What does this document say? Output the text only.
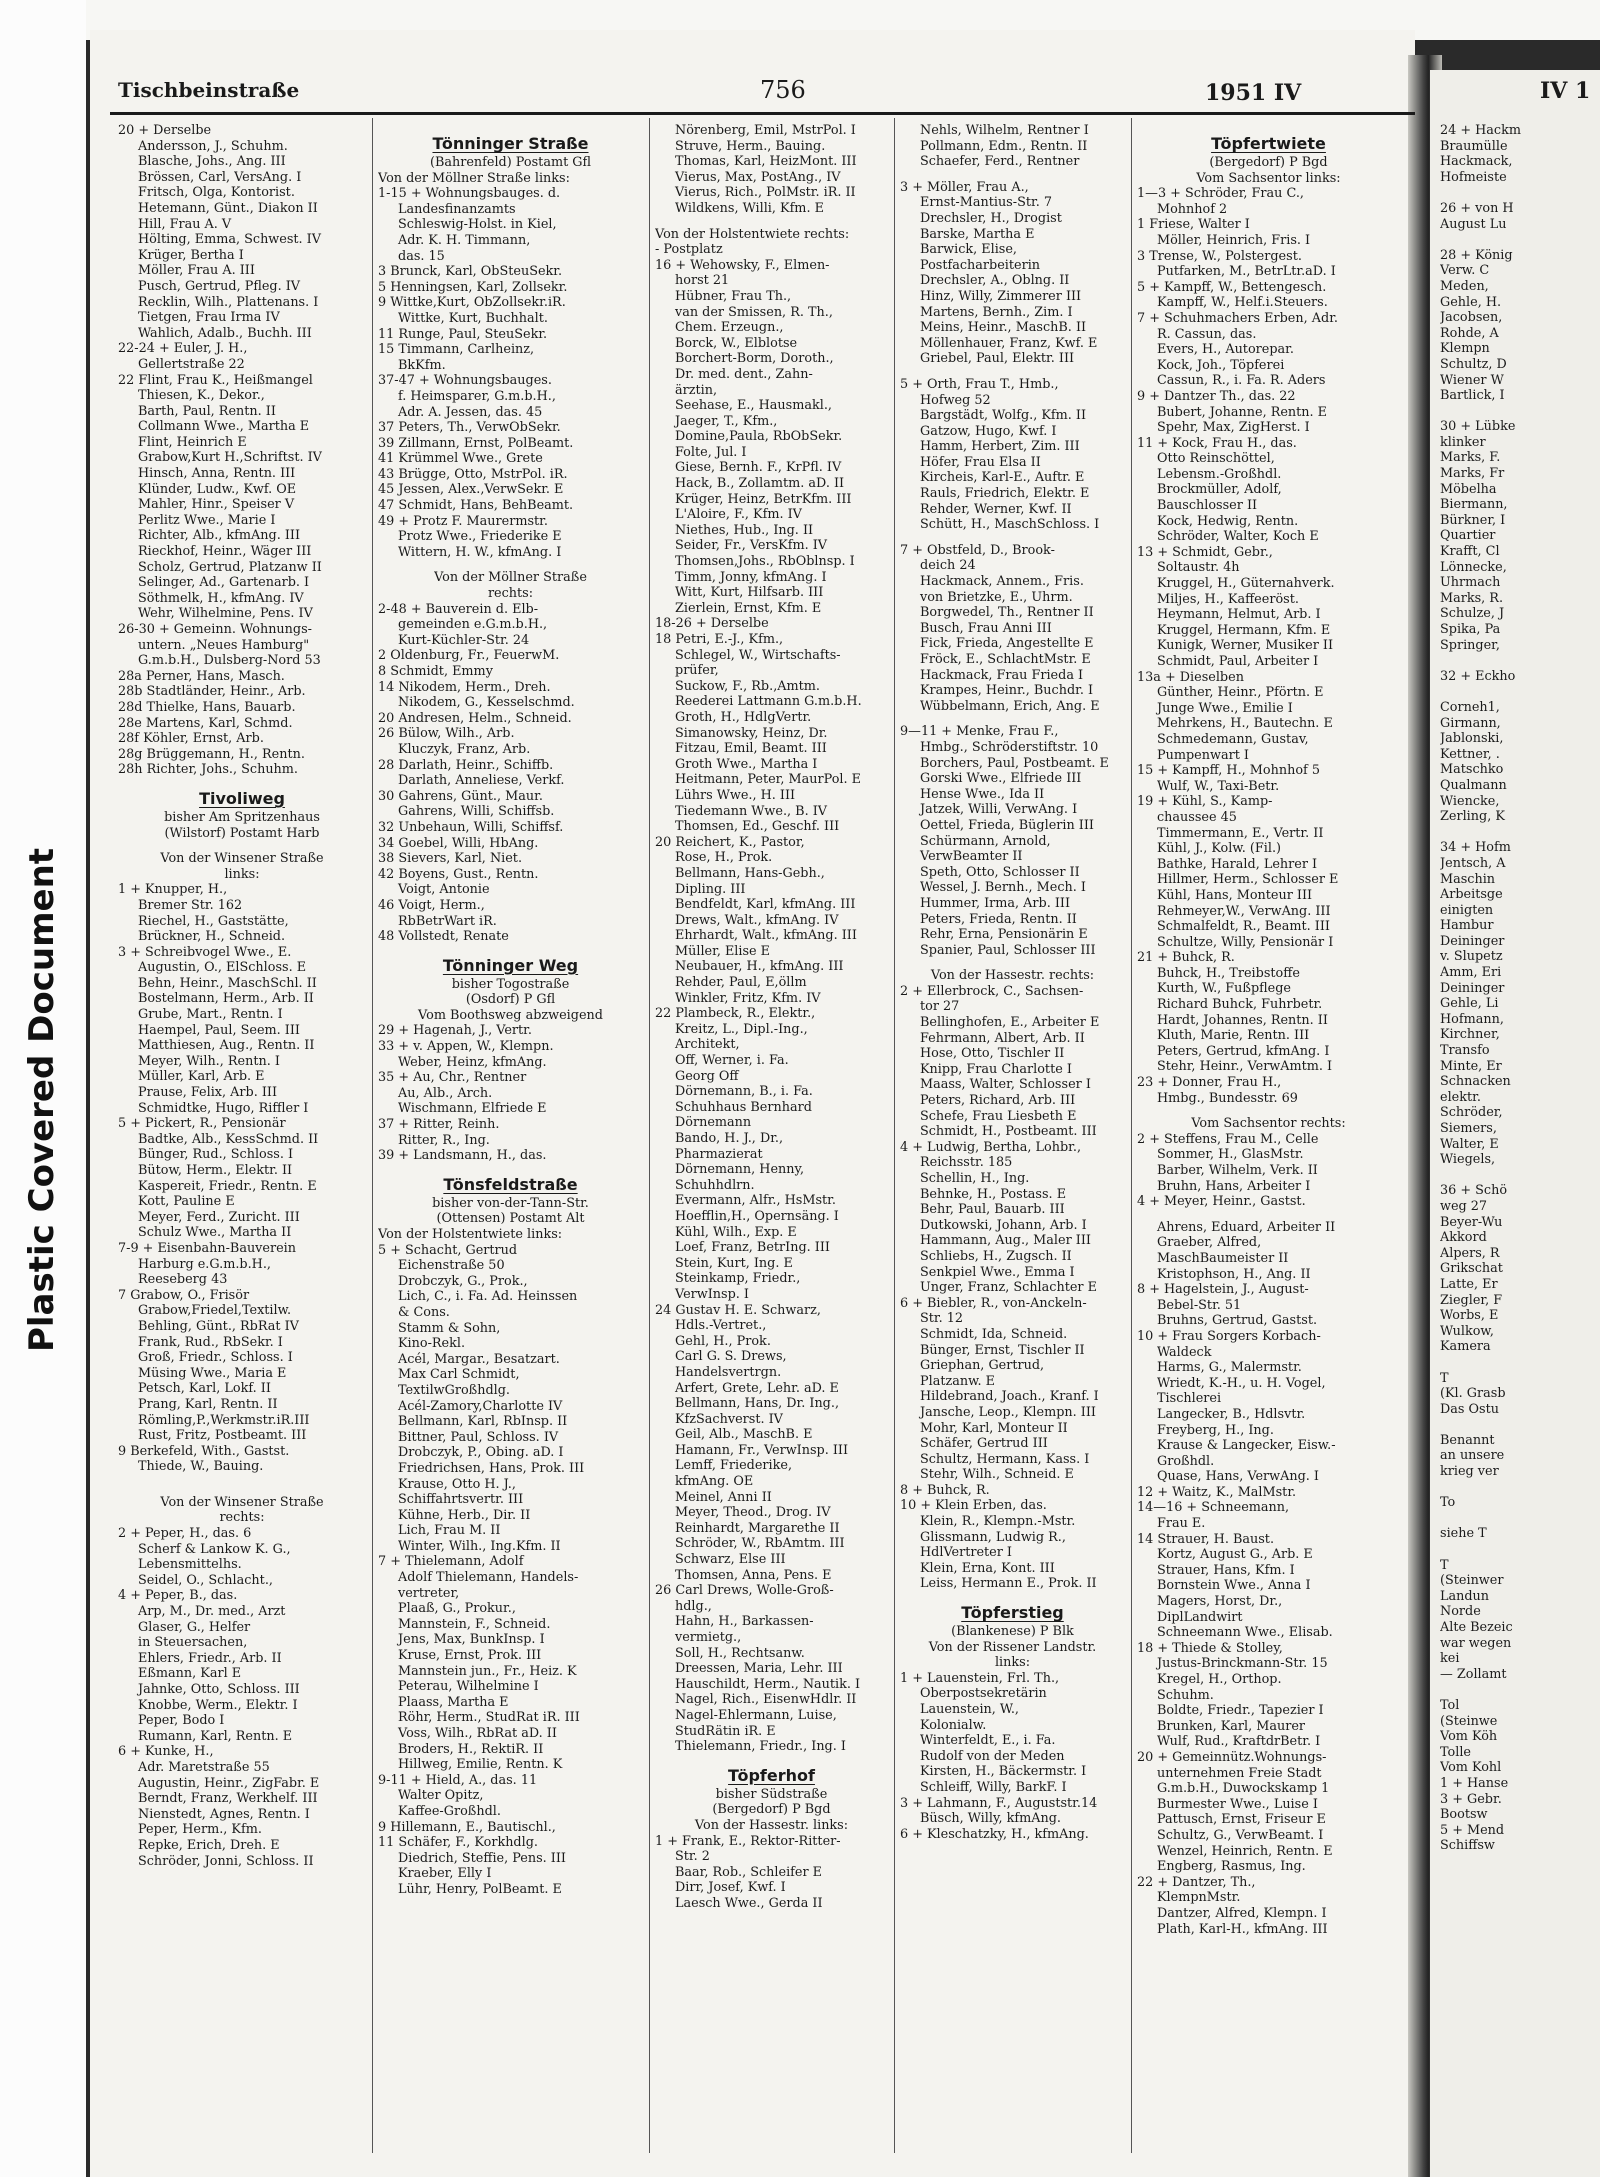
Plastic Covered Document
Tischbeinstraße	756	1951 IV	IV 1
20 + Derselbe
Andersson, J., Schuhm.
Blasche, Johs., Ang. III
Brössen, Carl, VersAng. I
Fritsch, Olga, Kontorist.
Hetemann, Günt., Diakon II
Hill, Frau A. V
Hölting, Emma, Schwest. IV
Krüger, Bertha I
Möller, Frau A. III
Pusch, Gertrud, Pfleg. IV
Recklin, Wilh., Plattenans. I
Tietgen, Frau Irma IV
Wahlich, Adalb., Buchh. III
22-24 + Euler, J. H.,
Gellertstraße 22
22 Flint, Frau K., Heißmangel
Thiesen, K., Dekor.,
Barth, Paul, Rentn. II
Collmann Wwe., Martha E
Flint, Heinrich E
Grabow,Kurt H.,Schriftst. IV
Hinsch, Anna, Rentn. III
Klünder, Ludw., Kwf. OE
Mahler, Hinr., Speiser V
Perlitz Wwe., Marie I
Richter, Alb., kfmAng. III
Rieckhof, Heinr., Wäger III
Scholz, Gertrud, Platzanw II
Selinger, Ad., Gartenarb. I
Söthmelk, H., kfmAng. IV
Wehr, Wilhelmine, Pens. IV
26-30 + Gemeinn. Wohnungs-
untern. „Neues Hamburg"
G.m.b.H., Dulsberg-Nord 53
28a Perner, Hans, Masch.
28b Stadtländer, Heinr., Arb.
28d Thielke, Hans, Bauarb.
28e Martens, Karl, Schmd.
28f Köhler, Ernst, Arb.
28g Brüggemann, H., Rentn.
28h Richter, Johs., Schuhm.
Tivoliweg
bisher Am Spritzenhaus
(Wilstorf) Postamt Harb
Von der Winsener Straße
links:
1 + Knupper, H.,
Bremer Str. 162
Riechel, H., Gaststätte,
Brückner, H., Schneid.
3 + Schreibvogel Wwe., E.
Augustin, O., ElSchloss. E
Behn, Heinr., MaschSchl. II
Bostelmann, Herm., Arb. II
Grube, Mart., Rentn. I
Haempel, Paul, Seem. III
Matthiesen, Aug., Rentn. II
Meyer, Wilh., Rentn. I
Müller, Karl, Arb. E
Prause, Felix, Arb. III
Schmidtke, Hugo, Riffler I
5 + Pickert, R., Pensionär
Badtke, Alb., KessSchmd. II
Bünger, Rud., Schloss. I
Bütow, Herm., Elektr. II
Kaspereit, Friedr., Rentn. E
Kott, Pauline E
Meyer, Ferd., Zuricht. III
Schulz Wwe., Martha II
7-9 + Eisenbahn-Bauverein
Harburg e.G.m.b.H.,
Reeseberg 43
7 Grabow, O., Frisör
Grabow,Friedel,Textilw.
Behling, Günt., RbRat IV
Frank, Rud., RbSekr. I
Groß, Friedr., Schloss. I
Müsing Wwe., Maria E
Petsch, Karl, Lokf. II
Prang, Karl, Rentn. II
Römling,P.,Werkmstr.iR.III
Rust, Fritz, Postbeamt. III
9 Berkefeld, With., Gastst.
Thiede, W., Bauing.
Von der Winsener Straße
rechts:
2 + Peper, H., das. 6
Scherf & Lankow K. G.,
Lebensmittelhs.
Seidel, O., Schlacht.,
4 + Peper, B., das.
Arp, M., Dr. med., Arzt
Glaser, G., Helfer
in Steuersachen,
Ehlers, Friedr., Arb. II
Eßmann, Karl E
Jahnke, Otto, Schloss. III
Knobbe, Werm., Elektr. I
Peper, Bodo I
Rumann, Karl, Rentn. E
6 + Kunke, H.,
Adr. Maretstraße 55
Augustin, Heinr., ZigFabr. E
Berndt, Franz, Werkhelf. III
Nienstedt, Agnes, Rentn. I
Peper, Herm., Kfm.
Repke, Erich, Dreh. E
Schröder, Jonni, Schloss. II
Tönninger Straße
(Bahrenfeld) Postamt Gfl
Von der Möllner Straße links:
1-15 + Wohnungsbauges. d.
Landesfinanzamts
Schleswig-Holst. in Kiel,
Adr. K. H. Timmann,
das. 15
3 Brunck, Karl, ObSteuSekr.
5 Henningsen, Karl, Zollsekr.
9 Wittke,Kurt, ObZollsekr.iR.
Wittke, Kurt, Buchhalt.
11 Runge, Paul, SteuSekr.
15 Timmann, Carlheinz,
BkKfm.
37-47 + Wohnungsbauges.
f. Heimsparer, G.m.b.H.,
Adr. A. Jessen, das. 45
37 Peters, Th., VerwObSekr.
39 Zillmann, Ernst, PolBeamt.
41 Krümmel Wwe., Grete
43 Brügge, Otto, MstrPol. iR.
45 Jessen, Alex.,VerwSekr. E
47 Schmidt, Hans, BehBeamt.
49 + Protz F. Maurermstr.
Protz Wwe., Friederike E
Wittern, H. W., kfmAng. I
Von der Möllner Straße
rechts:
2-48 + Bauverein d. Elb-
gemeinden e.G.m.b.H.,
Kurt-Küchler-Str. 24
2 Oldenburg, Fr., FeuerwM.
8 Schmidt, Emmy
14 Nikodem, Herm., Dreh.
Nikodem, G., Kesselschmd.
20 Andresen, Helm., Schneid.
26 Bülow, Wilh., Arb.
Kluczyk, Franz, Arb.
28 Darlath, Heinr., Schiffb.
Darlath, Anneliese, Verkf.
30 Gahrens, Günt., Maur.
Gahrens, Willi, Schiffsb.
32 Unbehaun, Willi, Schiffsf.
34 Goebel, Willi, HbAng.
38 Sievers, Karl, Niet.
42 Boyens, Gust., Rentn.
Voigt, Antonie
46 Voigt, Herm.,
RbBetrWart iR.
48 Vollstedt, Renate
Tönninger Weg
bisher Togostraße
(Osdorf) P Gfl
Vom Boothsweg abzweigend
29 + Hagenah, J., Vertr.
33 + v. Appen, W., Klempn.
Weber, Heinz, kfmAng.
35 + Au, Chr., Rentner
Au, Alb., Arch.
Wischmann, Elfriede E
37 + Ritter, Reinh.
Ritter, R., Ing.
39 + Landsmann, H., das.
Tönsfeldstraße
bisher von-der-Tann-Str.
(Ottensen) Postamt Alt
Von der Holstentwiete links:
5 + Schacht, Gertrud
Eichenstraße 50
Drobczyk, G., Prok.,
Lich, C., i. Fa. Ad. Heinssen
& Cons.
Stamm & Sohn,
Kino-Rekl.
Acél, Margar., Besatzart.
Max Carl Schmidt,
TextilwGroßhdlg.
Acél-Zamory,Charlotte IV
Bellmann, Karl, RbInsp. II
Bittner, Paul, Schloss. IV
Drobczyk, P., Obing. aD. I
Friedrichsen, Hans, Prok. III
Krause, Otto H. J.,
Schiffahrtsvertr. III
Kühne, Herb., Dir. II
Lich, Frau M. II
Winter, Wilh., Ing.Kfm. II
7 + Thielemann, Adolf
Adolf Thielemann, Handels-
vertreter,
Plaaß, G., Prokur.,
Mannstein, F., Schneid.
Jens, Max, BunkInsp. I
Kruse, Ernst, Prok. III
Mannstein jun., Fr., Heiz. K
Peterau, Wilhelmine I
Plaass, Martha E
Röhr, Herm., StudRat iR. III
Voss, Wilh., RbRat aD. II
Broders, H., RektiR. II
Hillweg, Emilie, Rentn. K
9-11 + Hield, A., das. 11
Walter Opitz,
Kaffee-Großhdl.
9 Hillemann, E., Bautischl.,
11 Schäfer, F., Korkhdlg.
Diedrich, Steffie, Pens. III
Kraeber, Elly I
Lühr, Henry, PolBeamt. E
Nörenberg, Emil, MstrPol. I
Struve, Herm., Bauing.
Thomas, Karl, HeizMont. III
Vierus, Max, PostAng., IV
Vierus, Rich., PolMstr. iR. II
Wildkens, Willi, Kfm. E
Von der Holstentwiete rechts:
- Postplatz
16 + Wehowsky, F., Elmen-
horst 21
Hübner, Frau Th.,
van der Smissen, R. Th.,
Chem. Erzeugn.,
Borck, W., Elblotse
Borchert-Borm, Doroth.,
Dr. med. dent., Zahn-
ärztin,
Seehase, E., Hausmakl.,
Jaeger, T., Kfm.,
Domine,Paula, RbObSekr.
Folte, Jul. I
Giese, Bernh. F., KrPfl. IV
Hack, B., Zollamtm. aD. II
Krüger, Heinz, BetrKfm. III
L'Aloire, F., Kfm. IV
Niethes, Hub., Ing. II
Seider, Fr., VersKfm. IV
Thomsen,Johs., RbOblnsp. I
Timm, Jonny, kfmAng. I
Witt, Kurt, Hilfsarb. III
Zierlein, Ernst, Kfm. E
18-26 + Derselbe
18 Petri, E.-J., Kfm.,
Schlegel, W., Wirtschafts-
prüfer,
Suckow, F., Rb.,Amtm.
Reederei Lattmann G.m.b.H.
Groth, H., HdlgVertr.
Simanowsky, Heinz, Dr.
Fitzau, Emil, Beamt. III
Groth Wwe., Martha I
Heitmann, Peter, MaurPol. E
Lührs Wwe., H. III
Tiedemann Wwe., B. IV
Thomsen, Ed., Geschf. III
20 Reichert, K., Pastor,
Rose, H., Prok.
Bellmann, Hans-Gebh.,
Dipling. III
Bendfeldt, Karl, kfmAng. III
Drews, Walt., kfmAng. IV
Ehrhardt, Walt., kfmAng. III
Müller, Elise E
Neubauer, H., kfmAng. III
Rehder, Paul, E,öllm
Winkler, Fritz, Kfm. IV
22 Plambeck, R., Elektr.,
Kreitz, L., Dipl.-Ing.,
Architekt,
Off, Werner, i. Fa.
Georg Off
Dörnemann, B., i. Fa.
Schuhhaus Bernhard
Dörnemann
Bando, H. J., Dr.,
Pharmazierat
Dörnemann, Henny,
Schuhhdlrn.
Evermann, Alfr., HsMstr.
Hoefflin,H., Opernsäng. I
Kühl, Wilh., Exp. E
Loef, Franz, BetrIng. III
Stein, Kurt, Ing. E
Steinkamp, Friedr.,
VerwInsp. I
24 Gustav H. E. Schwarz,
Hdls.-Vertret.,
Gehl, H., Prok.
Carl G. S. Drews,
Handelsvertrgn.
Arfert, Grete, Lehr. aD. E
Bellmann, Hans, Dr. Ing.,
KfzSachverst. IV
Geil, Alb., MaschB. E
Hamann, Fr., VerwInsp. III
Lemff, Friederike,
kfmAng. OE
Meinel, Anni II
Meyer, Theod., Drog. IV
Reinhardt, Margarethe II
Schröder, W., RbAmtm. III
Schwarz, Else III
Thomsen, Anna, Pens. E
26 Carl Drews, Wolle-Groß-
hdlg.,
Hahn, H., Barkassen-
vermietg.,
Soll, H., Rechtsanw.
Dreessen, Maria, Lehr. III
Hauschildt, Herm., Nautik. I
Nagel, Rich., EisenwHdlr. II
Nagel-Ehlermann, Luise,
StudRätin iR. E
Thielemann, Friedr., Ing. I
Töpferhof
bisher Südstraße
(Bergedorf) P Bgd
Von der Hassestr. links:
1 + Frank, E., Rektor-Ritter-
Str. 2
Baar, Rob., Schleifer E
Dirr, Josef, Kwf. I
Laesch Wwe., Gerda II
Nehls, Wilhelm, Rentner I
Pollmann, Edm., Rentn. II
Schaefer, Ferd., Rentner
3 + Möller, Frau A.,
Ernst-Mantius-Str. 7
Drechsler, H., Drogist
Barske, Martha E
Barwick, Elise,
Postfacharbeiterin
Drechsler, A., Oblng. II
Hinz, Willy, Zimmerer III
Martens, Bernh., Zim. I
Meins, Heinr., MaschB. II
Möllenhauer, Franz, Kwf. E
Griebel, Paul, Elektr. III
5 + Orth, Frau T., Hmb.,
Hofweg 52
Bargstädt, Wolfg., Kfm. II
Gatzow, Hugo, Kwf. I
Hamm, Herbert, Zim. III
Höfer, Frau Elsa II
Kircheis, Karl-E., Auftr. E
Rauls, Friedrich, Elektr. E
Rehder, Werner, Kwf. II
Schütt, H., MaschSchloss. I
7 + Obstfeld, D., Brook-
deich 24
Hackmack, Annem., Fris.
von Brietzke, E., Uhrm.
Borgwedel, Th., Rentner II
Busch, Frau Anni III
Fick, Frieda, Angestellte E
Fröck, E., SchlachtMstr. E
Hackmack, Frau Frieda I
Krampes, Heinr., Buchdr. I
Wübbelmann, Erich, Ang. E
9—11 + Menke, Frau F.,
Hmbg., Schröderstiftstr. 10
Borchers, Paul, Postbeamt. E
Gorski Wwe., Elfriede III
Hense Wwe., Ida II
Jatzek, Willi, VerwAng. I
Oettel, Frieda, Büglerin III
Schürmann, Arnold,
VerwBeamter II
Speth, Otto, Schlosser II
Wessel, J. Bernh., Mech. I
Hummer, Irma, Arb. III
Peters, Frieda, Rentn. II
Rehr, Erna, Pensionärin E
Spanier, Paul, Schlosser III
Von der Hassestr. rechts:
2 + Ellerbrock, C., Sachsen-
tor 27
Bellinghofen, E., Arbeiter E
Fehrmann, Albert, Arb. II
Hose, Otto, Tischler II
Knipp, Frau Charlotte I
Maass, Walter, Schlosser I
Peters, Richard, Arb. III
Schefe, Frau Liesbeth E
Schmidt, H., Postbeamt. III
4 + Ludwig, Bertha, Lohbr.,
Reichsstr. 185
Schellin, H., Ing.
Behnke, H., Postass. E
Behr, Paul, Bauarb. III
Dutkowski, Johann, Arb. I
Hammann, Aug., Maler III
Schliebs, H., Zugsch. II
Senkpiel Wwe., Emma I
Unger, Franz, Schlachter E
6 + Biebler, R., von-Anckeln-
Str. 12
Schmidt, Ida, Schneid.
Bünger, Ernst, Tischler II
Griephan, Gertrud,
Platzanw. E
Hildebrand, Joach., Kranf. I
Jansche, Leop., Klempn. III
Mohr, Karl, Monteur II
Schäfer, Gertrud III
Schultz, Hermann, Kass. I
Stehr, Wilh., Schneid. E
8 + Buhck, R.
10 + Klein Erben, das.
Klein, R., Klempn.-Mstr.
Glissmann, Ludwig R.,
HdlVertreter I
Klein, Erna, Kont. III
Leiss, Hermann E., Prok. II
Töpferstieg
(Blankenese) P Blk
Von der Rissener Landstr.
links:
1 + Lauenstein, Frl. Th.,
Oberpostsekretärin
Lauenstein, W.,
Kolonialw.
Winterfeldt, E., i. Fa.
Rudolf von der Meden
Kirsten, H., Bäckermstr. I
Schleiff, Willy, BarkF. I
3 + Lahmann, F., Auguststr.14
Büsch, Willy, kfmAng.
6 + Kleschatzky, H., kfmAng.
Töpfertwiete
(Bergedorf) P Bgd
Vom Sachsentor links:
1—3 + Schröder, Frau C.,
Mohnhof 2
1 Friese, Walter I
Möller, Heinrich, Fris. I
3 Trense, W., Polstergest.
Putfarken, M., BetrLtr.aD. I
5 + Kampff, W., Bettengesch.
Kampff, W., Helf.i.Steuers.
7 + Schuhmachers Erben, Adr.
R. Cassun, das.
Evers, H., Autorepar.
Kock, Joh., Töpferei
Cassun, R., i. Fa. R. Aders
9 + Dantzer Th., das. 22
Bubert, Johanne, Rentn. E
Spehr, Max, ZigHerst. I
11 + Kock, Frau H., das.
Otto Reinschöttel,
Lebensm.-Großhdl.
Brockmüller, Adolf,
Bauschlosser II
Kock, Hedwig, Rentn.
Schröder, Walter, Koch E
13 + Schmidt, Gebr.,
Soltaustr. 4h
Kruggel, H., Güternahverk.
Miljes, H., Kaffeeröst.
Heymann, Helmut, Arb. I
Kruggel, Hermann, Kfm. E
Kunigk, Werner, Musiker II
Schmidt, Paul, Arbeiter I
13a + Dieselben
Günther, Heinr., Pförtn. E
Junge Wwe., Emilie I
Mehrkens, H., Bautechn. E
Schmedemann, Gustav,
Pumpenwart I
15 + Kampff, H., Mohnhof 5
Wulf, W., Taxi-Betr.
19 + Kühl, S., Kamp-
chaussee 45
Timmermann, E., Vertr. II
Kühl, J., Kolw. (Fil.)
Bathke, Harald, Lehrer I
Hillmer, Herm., Schlosser E
Kühl, Hans, Monteur III
Rehmeyer,W., VerwAng. III
Schmalfeldt, R., Beamt. III
Schultze, Willy, Pensionär I
21 + Buhck, R.
Buhck, H., Treibstoffe
Kurth, W., Fußpflege
Richard Buhck, Fuhrbetr.
Hardt, Johannes, Rentn. II
Kluth, Marie, Rentn. III
Peters, Gertrud, kfmAng. I
Stehr, Heinr., VerwAmtm. I
23 + Donner, Frau H.,
Hmbg., Bundesstr. 69
Vom Sachsentor rechts:
2 + Steffens, Frau M., Celle
Sommer, H., GlasMstr.
Barber, Wilhelm, Verk. II
Bruhn, Hans, Arbeiter I
4 + Meyer, Heinr., Gastst.
Ahrens, Eduard, Arbeiter II
Graeber, Alfred,
MaschBaumeister II
Kristophson, H., Ang. II
8 + Hagelstein, J., August-
Bebel-Str. 51
Bruhns, Gertrud, Gastst.
10 + Frau Sorgers Korbach-
Waldeck
Harms, G., Malermstr.
Wriedt, K.-H., u. H. Vogel,
Tischlerei
Langecker, B., Hdlsvtr.
Freyberg, H., Ing.
Krause & Langecker, Eisw.-
Großhdl.
Quase, Hans, VerwAng. I
12 + Waitz, K., MalMstr.
14—16 + Schneemann,
Frau E.
14 Strauer, H. Baust.
Kortz, August G., Arb. E
Strauer, Hans, Kfm. I
Bornstein Wwe., Anna I
Magers, Horst, Dr.,
DiplLandwirt
Schneemann Wwe., Elisab.
18 + Thiede & Stolley,
Justus-Brinckmann-Str. 15
Kregel, H., Orthop.
Schuhm.
Boldte, Friedr., Tapezier I
Brunken, Karl, Maurer
Wulf, Rud., KraftdrBetr. I
20 + Gemeinnütz.Wohnungs-
unternehmen Freie Stadt
G.m.b.H., Duwockskamp 1
Burmester Wwe., Luise I
Pattusch, Ernst, Friseur E
Schultz, G., VerwBeamt. I
Wenzel, Heinrich, Rentn. E
Engberg, Rasmus, Ing.
22 + Dantzer, Th.,
KlempnMstr.
Dantzer, Alfred, Klempn. I
Plath, Karl-H., kfmAng. III
24 + Hackm
Braumülle
Hackmack,
Hofmeiste
26 + von H
August Lu
28 + König
Verw. C
Meden,
Gehle, H.
Jacobsen,
Rohde, A
Klempn
Schultz, D
Wiener W
Bartlick, I
30 + Lübke
klinker
Marks, F.
Marks, Fr
Möbelha
Biermann,
Bürkner, I
Quartier
Krafft, Cl
Lönnecke,
Uhrmach
Marks, R.
Schulze, J
Spika, Pa
Springer,
32 + Eckho
Corneh1,
Girmann,
Jablonski,
Kettner, .
Matschko
Qualmann
Wiencke,
Zerling, K
34 + Hofm
Jentsch, A
Maschin
Arbeitsge
einigten
Hambur
Deininger
v. Slupetz
Amm, Eri
Deininger
Gehle, Li
Hofmann,
Kirchner,
Transfo
Minte, Er
Schnacken
elektr.
Schröder,
Siemers,
Walter, E
Wiegels,
36 + Schö
weg 27
Beyer-Wu
Akkord
Alpers, R
Grikschat
Latte, Er
Ziegler, F
Worbs, E
Wulkow,
Kamera
T
(Kl. Grasb
Das Ostu
Benannt
an unsere
krieg ver
To
siehe T
T
(Steinwer
Landun
Norde
Alte Bezeic
war wegen
kei
— Zollamt
Tol
(Steinwe
Vom Köh
Tolle
Vom Kohl
1 + Hanse
3 + Gebr.
Bootsw
5 + Mend
Schiffsw
